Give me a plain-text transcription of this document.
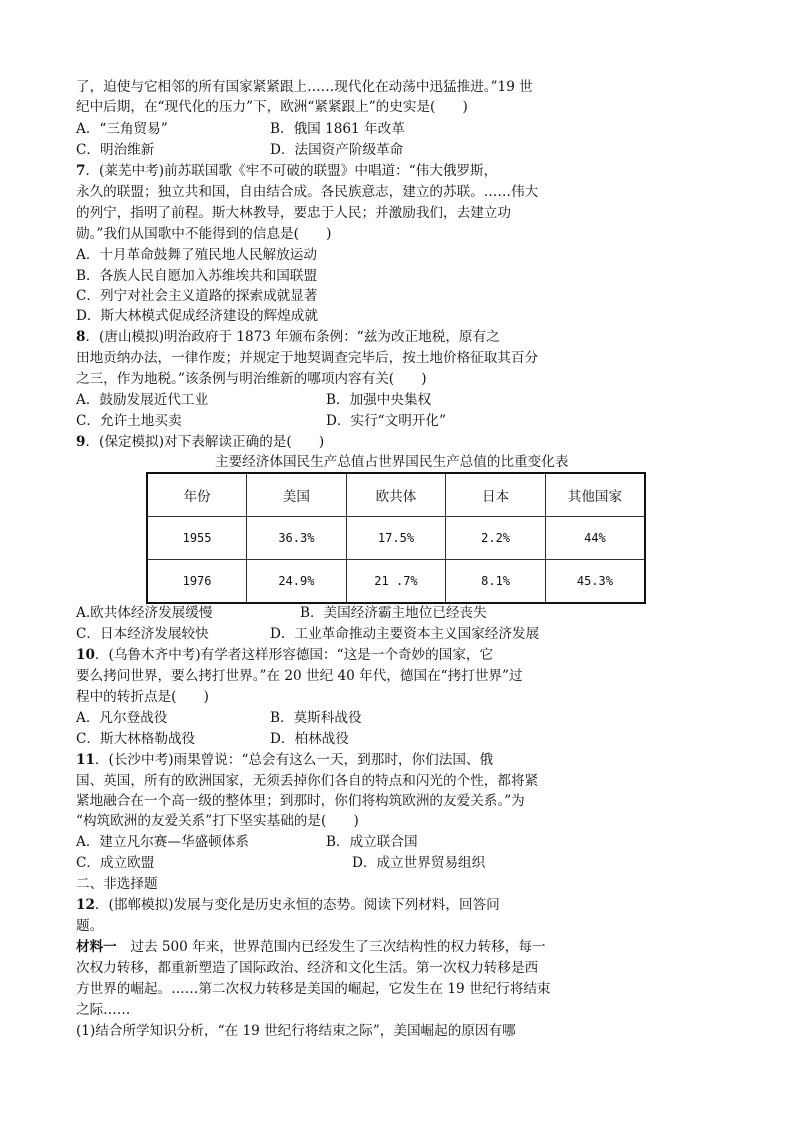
了，迫使与它相邻的所有国家紧紧跟上……现代化在动荡中迅猛推进。”19 世
纪中后期，在“现代化的压力”下，欧洲“紧紧跟上”的史实是(　　)
A．“三角贸易”	B．俄国 1861 年改革
C．明治维新	D．法国资产阶级革命
7．(莱芜中考)前苏联国歌《牢不可破的联盟》中唱道：“伟大俄罗斯，
永久的联盟；独立共和国，自由结合成。各民族意志，建立的苏联。……伟大
的列宁，指明了前程。斯大林教导，要忠于人民；并激励我们，去建立功
勋。”我们从国歌中不能得到的信息是(　　)
A．十月革命鼓舞了殖民地人民解放运动
B．各族人民自愿加入苏维埃共和国联盟
C．列宁对社会主义道路的探索成就显著
D．斯大林模式促成经济建设的辉煌成就
8．(唐山模拟)明治政府于 1873 年颁布条例：“兹为改正地税，原有之
田地贡纳办法，一律作废；并规定于地契调查完毕后，按土地价格征取其百分
之三，作为地税。”该条例与明治维新的哪项内容有关(　　)
A．鼓励发展近代工业	B．加强中央集权
C．允许土地买卖	D．实行“文明开化”
9．(保定模拟)对下表解读正确的是(　　)
A.欧共体经济发展缓慢	B．美国经济霸主地位已经丧失
C．日本经济发展较快	D．工业革命推动主要资本主义国家经济发展
10．(乌鲁木齐中考)有学者这样形容德国：“这是一个奇妙的国家，它
要么拷问世界，要么拷打世界。”在 20 世纪 40 年代，德国在“拷打世界”过
程中的转折点是(　　)
A．凡尔登战役	B．莫斯科战役
C．斯大林格勒战役	D．柏林战役
11．(长沙中考)雨果曾说：“总会有这么一天，到那时，你们法国、俄
国、英国，所有的欧洲国家，无须丢掉你们各自的特点和闪光的个性，都将紧
紧地融合在一个高一级的整体里；到那时，你们将构筑欧洲的友爱关系。”为
“构筑欧洲的友爱关系”打下坚实基础的是(　　)
A．建立凡尔赛—华盛顿体系	B．成立联合国
C．成立欧盟	D．成立世界贸易组织
二、非选择题
12．(邯郸模拟)发展与变化是历史永恒的态势。阅读下列材料，回答问
题。
材料一　过去 500 年来，世界范围内已经发生了三次结构性的权力转移，每一
次权力转移，都重新塑造了国际政治、经济和文化生活。第一次权力转移是西
方世界的崛起。……第二次权力转移是美国的崛起，它发生在 19 世纪行将结束
之际……
(1)结合所学知识分析，“在 19 世纪行将结束之际”，美国崛起的原因有哪
主要经济体国民生产总值占世界国民生产总值的比重变化表
年份	美国	欧共体	日本	其他国家
1955	36.3%	17.5%	2.2%	44%
1976	24.9%	21 .7%	8.1%	45.3%
